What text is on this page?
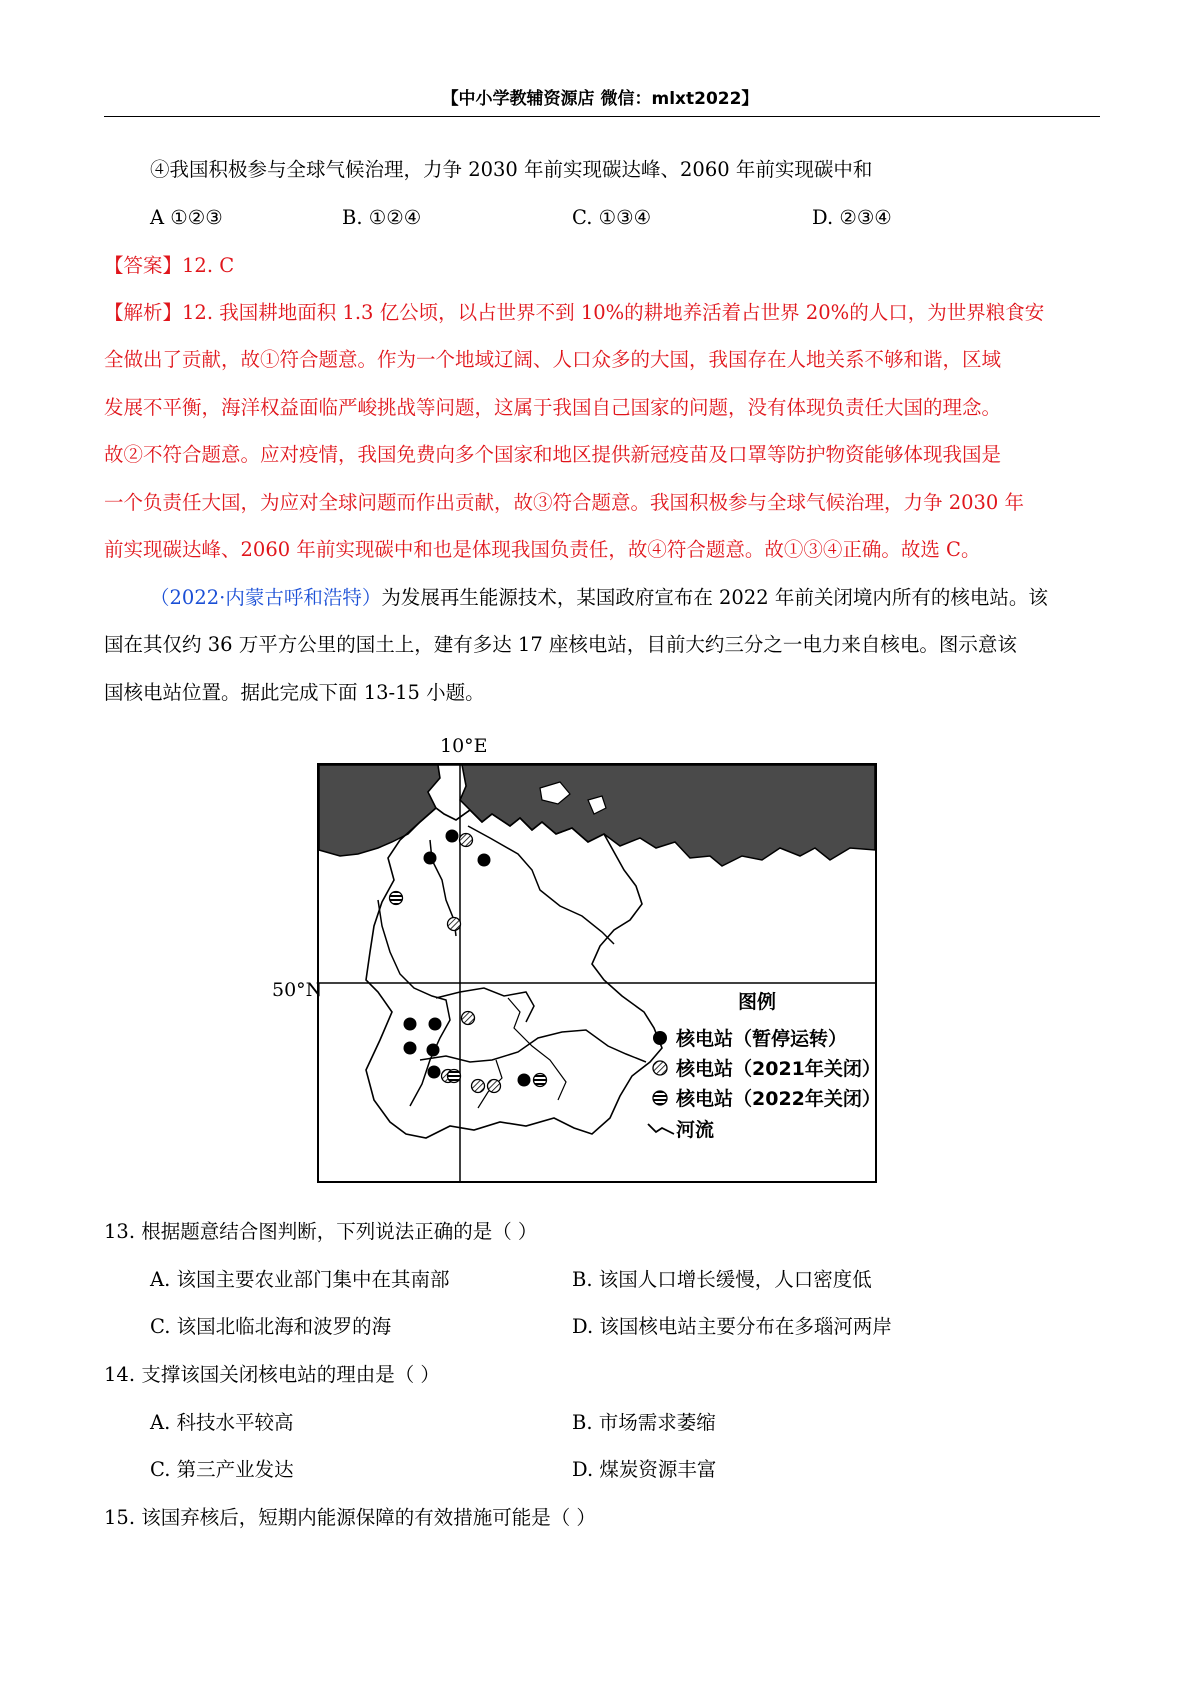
【中小学教辅资源店 微信：mlxt2022】
④我国积极参与全球气候治理，力争 2030 年前实现碳达峰、2060 年前实现碳中和
A ①②③	B. ①②④	C. ①③④	D. ②③④
【答案】12. C
【解析】12. 我国耕地面积 1.3 亿公顷，以占世界不到 10%的耕地养活着占世界 20%的人口，为世界粮食安
全做出了贡献，故①符合题意。作为一个地域辽阔、人口众多的大国，我国存在人地关系不够和谐，区域
发展不平衡，海洋权益面临严峻挑战等问题，这属于我国自己国家的问题，没有体现负责任大国的理念。
故②不符合题意。应对疫情，我国免费向多个国家和地区提供新冠疫苗及口罩等防护物资能够体现我国是
一个负责任大国，为应对全球问题而作出贡献，故③符合题意。我国积极参与全球气候治理，力争 2030 年
前实现碳达峰、2060 年前实现碳中和也是体现我国负责任，故④符合题意。故①③④正确。故选 C。
（2022·内蒙古呼和浩特）为发展再生能源技术，某国政府宣布在 2022 年前关闭境内所有的核电站。该
国在其仅约 36 万平方公里的国土上，建有多达 17 座核电站，目前大约三分之一电力来自核电。图示意该
国核电站位置。据此完成下面 13-15 小题。
10°E
50°N
图例
核电站（暂停运转）
核电站（2021年关闭）
核电站（2022年关闭）
河流
13. 根据题意结合图判断，下列说法正确的是（ ）
A. 该国主要农业部门集中在其南部	B. 该国人口增长缓慢，人口密度低
C. 该国北临北海和波罗的海	D. 该国核电站主要分布在多瑙河两岸
14. 支撑该国关闭核电站的理由是（ ）
A. 科技水平较高	B. 市场需求萎缩
C. 第三产业发达	D. 煤炭资源丰富
15. 该国弃核后，短期内能源保障的有效措施可能是（ ）
